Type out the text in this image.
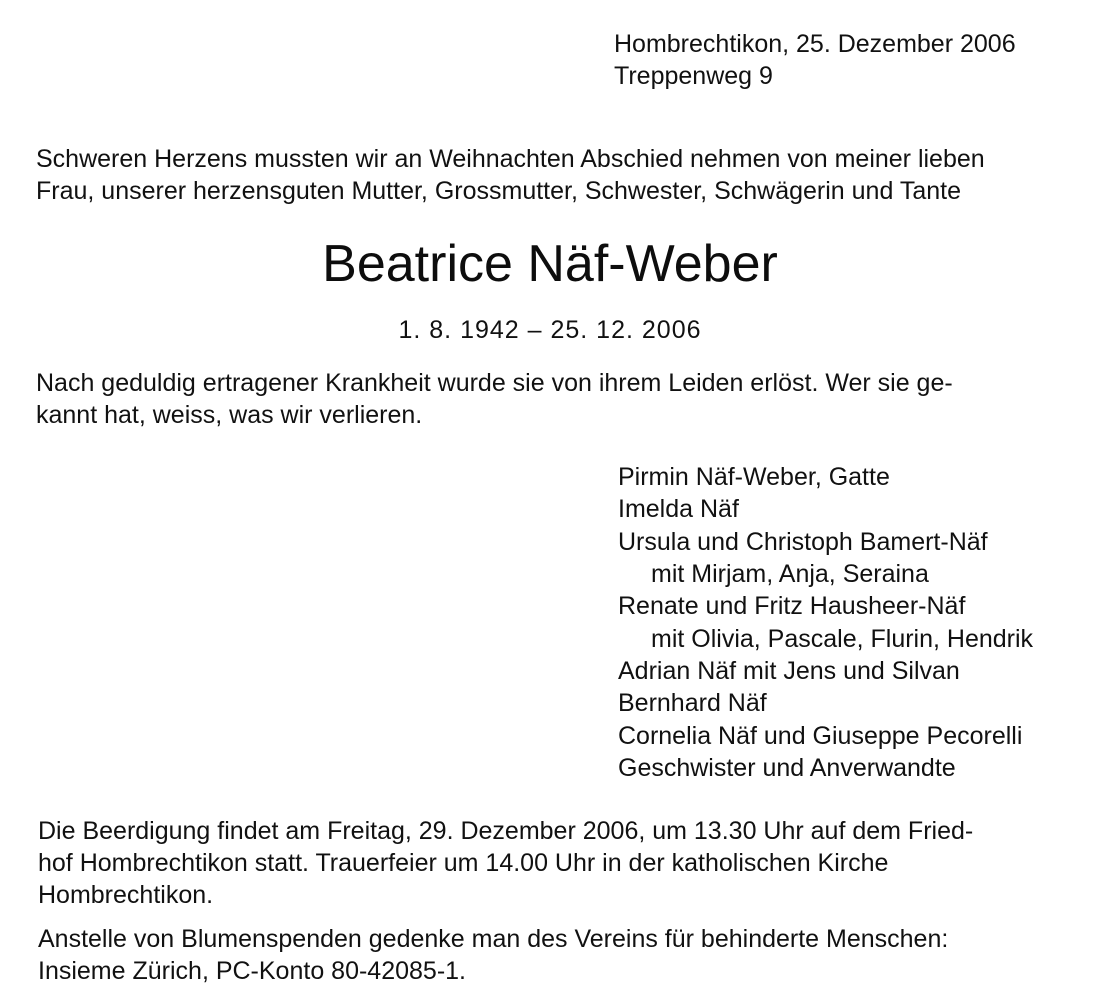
Hombrechtikon, 25. Dezember 2006
Treppenweg 9
Schweren Herzens mussten wir an Weihnachten Abschied nehmen von meiner lieben
Frau, unserer herzensguten Mutter, Grossmutter, Schwester, Schwägerin und Tante
Beatrice Näf-Weber
1. 8. 1942 – 25. 12. 2006
Nach geduldig ertragener Krankheit wurde sie von ihrem Leiden erlöst. Wer sie ge-
kannt hat, weiss, was wir verlieren.
Pirmin Näf-Weber, Gatte
Imelda Näf
Ursula und Christoph Bamert-Näf
mit Mirjam, Anja, Seraina
Renate und Fritz Hausheer-Näf
mit Olivia, Pascale, Flurin, Hendrik
Adrian Näf mit Jens und Silvan
Bernhard Näf
Cornelia Näf und Giuseppe Pecorelli
Geschwister und Anverwandte
Die Beerdigung findet am Freitag, 29. Dezember 2006, um 13.30 Uhr auf dem Fried-
hof Hombrechtikon statt. Trauerfeier um 14.00 Uhr in der katholischen Kirche
Hombrechtikon.
Anstelle von Blumenspenden gedenke man des Vereins für behinderte Menschen:
Insieme Zürich, PC-Konto 80-42085-1.
